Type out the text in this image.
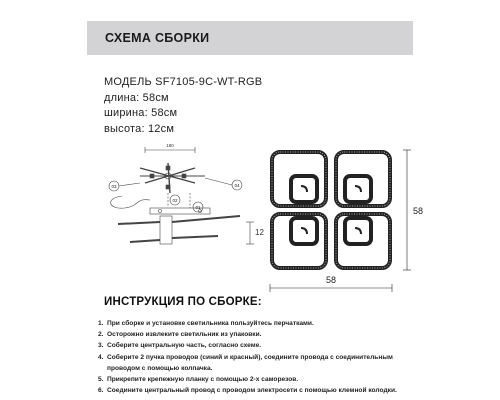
СХЕМА СБОРКИ
МОДЕЛЬ SF7105-9C-WT-RGB
длина: 58см
ширина: 58см
высота: 12см
180
03	04
02
01
12
58
58
ИНСТРУКЦИЯ ПО СБОРКЕ:
1. При сборке и установке светильника пользуйтесь перчатками.
2. Осторожно извлеките светильник из упаковки.
3. Соберите центральную часть, согласно схеме.
4. Соберите 2 пучка проводов (синий и красный), соедините провода с соединительным
проводом с помощью колпачка.
5. Прикрепите крепежную планку с помощью 2-х саморезов.
6. Соедините центральный провод с проводом электросети с помощью клемной колодки.
